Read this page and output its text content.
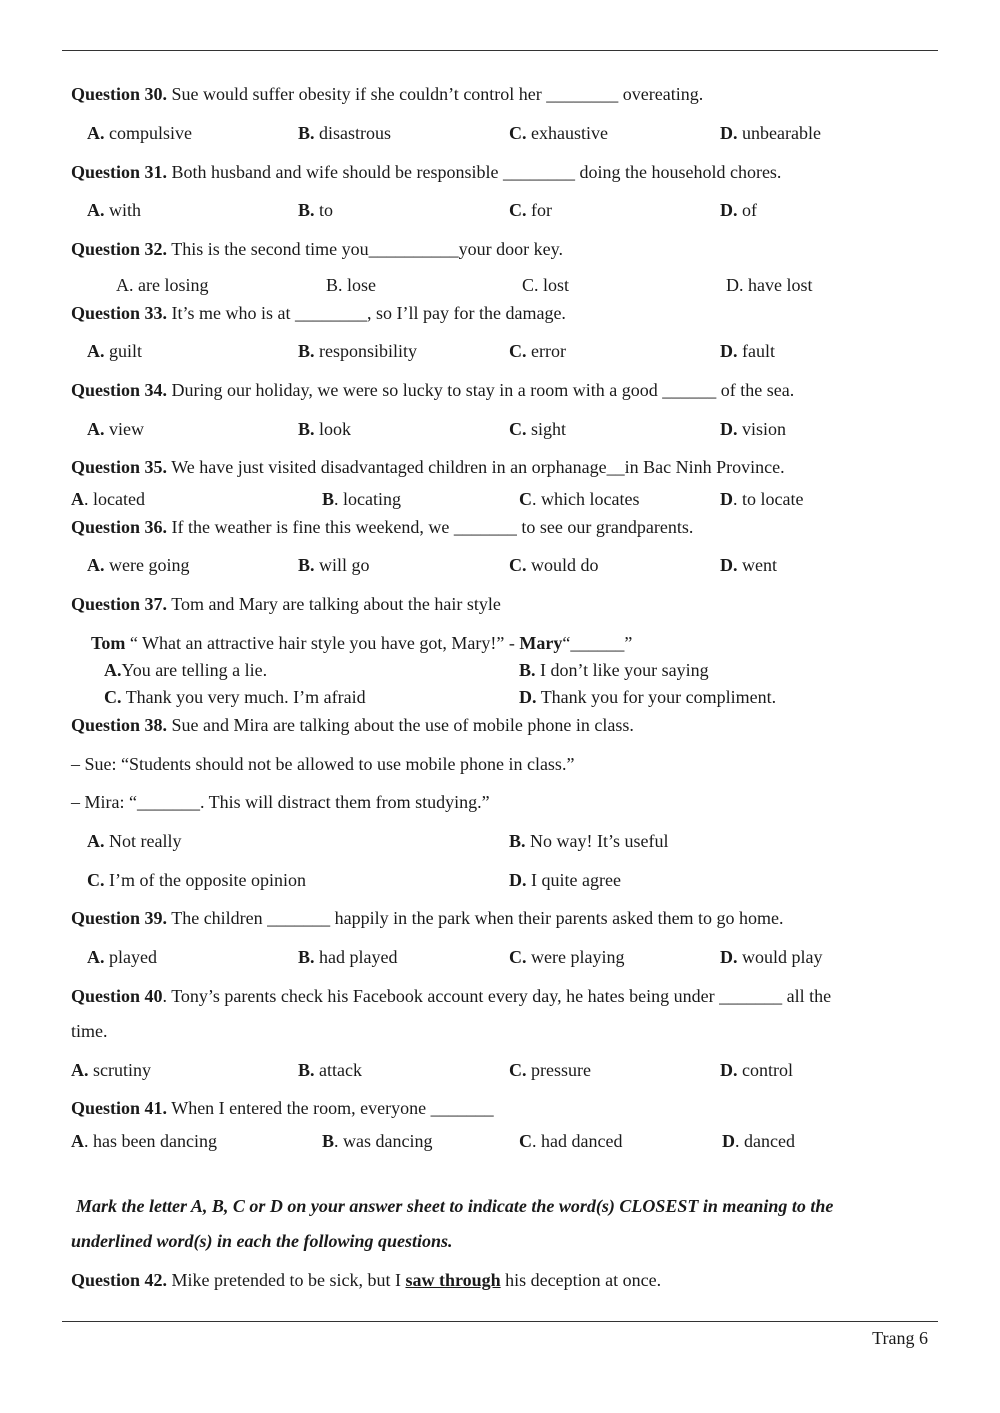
Question 30. Sue would suffer obesity if she couldn’t control her ________ overeating.
A. compulsive	B. disastrous	C. exhaustive	D. unbearable
Question 31. Both husband and wife should be responsible ________ doing the household chores.
A. with	B. to	C. for	D. of
Question 32. This is the second time you__________your door key.
A. are losing	B. lose	C. lost	D. have lost
Question 33. It’s me who is at ________, so I’ll pay for the damage.
A. guilt	B. responsibility	C. error	D. fault
Question 34. During our holiday, we were so lucky to stay in a room with a good ______ of the sea.
A. view	B. look	C. sight	D. vision
Question 35. We have just visited disadvantaged children in an orphanage__in Bac Ninh Province.
A. located	B. locating	C. which locates	D. to locate
Question 36. If the weather is fine this weekend, we _______ to see our grandparents.
A. were going	B. will go	C. would do	D. went
Question 37. Tom and Mary are talking about the hair style
Tom “ What an attractive hair style you have got, Mary!” - Mary“______”
A.You are telling a lie.	B. I don’t like your saying
C. Thank you very much. I’m afraid	D. Thank you for your compliment.
Question 38. Sue and Mira are talking about the use of mobile phone in class.
– Sue: “Students should not be allowed to use mobile phone in class.”
– Mira: “_______. This will distract them from studying.”
A. Not really	B. No way! It’s useful
C. I’m of the opposite opinion	D. I quite agree
Question 39. The children _______ happily in the park when their parents asked them to go home.
A. played	B. had played	C. were playing	D. would play
Question 40. Tony’s parents check his Facebook account every day, he hates being under _______ all the
time.
A. scrutiny	B. attack	C. pressure	D. control
Question 41. When I entered the room, everyone _______
A. has been dancing	B. was dancing	C. had danced	D. danced
Mark the letter A, B, C or D on your answer sheet to indicate the word(s) CLOSEST in meaning to the
underlined word(s) in each the following questions.
Question 42. Mike pretended to be sick, but I saw through his deception at once.
Trang 6
